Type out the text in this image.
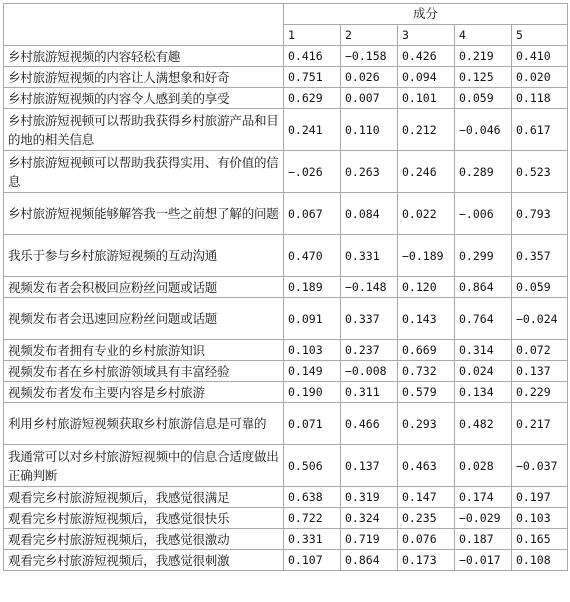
	成分				
	1	2	3	4	5
乡村旅游短视频的内容轻松有趣	0.416	−0.158	0.426	0.219	0.410
乡村旅游短视频的内容让人满想象和好奇	0.751	0.026	0.094	0.125	0.020
乡村旅游短视频的内容令人感到美的享受	0.629	0.007	0.101	0.059	0.118
乡村旅游短视顿可以帮助我获得乡村旅游产品和目的地的相关信息	0.241	0.110	0.212	−0.046	0.617
乡村旅游短视顿可以帮助我获得实用、有价值的信息	−.026	0.263	0.246	0.289	0.523
乡村旅游短视频能够解答我一些之前想了解的问题	0.067	0.084	0.022	−.006	0.793
我乐于参与乡村旅游短视频的互动沟通	0.470	0.331	−0.189	0.299	0.357
视频发布者会积极回应粉丝问题或话题	0.189	−0.148	0.120	0.864	0.059
视频发布者会迅速回应粉丝问题或话题	0.091	0.337	0.143	0.764	−0.024
视频发布者拥有专业的乡村旅游知识	0.103	0.237	0.669	0.314	0.072
视频发布者在乡村旅游领域具有丰富经验	0.149	−0.008	0.732	0.024	0.137
视频发布者发布主要内容是乡村旅游	0.190	0.311	0.579	0.134	0.229
利用乡村旅游短视频获取乡村旅游信息是可靠的	0.071	0.466	0.293	0.482	0.217
我通常可以对乡村旅游短视频中的信息合适度做出正确判断	0.506	0.137	0.463	0.028	−0.037
观看完乡村旅游短视频后，我感觉很满足	0.638	0.319	0.147	0.174	0.197
观看完乡村旅游短视频后，我感觉很快乐	0.722	0.324	0.235	−0.029	0.103
观看完乡村旅游短视频后，我感觉很激动	0.331	0.719	0.076	0.187	0.165
观看完乡村旅游短视频后，我感觉很刺激	0.107	0.864	0.173	−0.017	0.108
